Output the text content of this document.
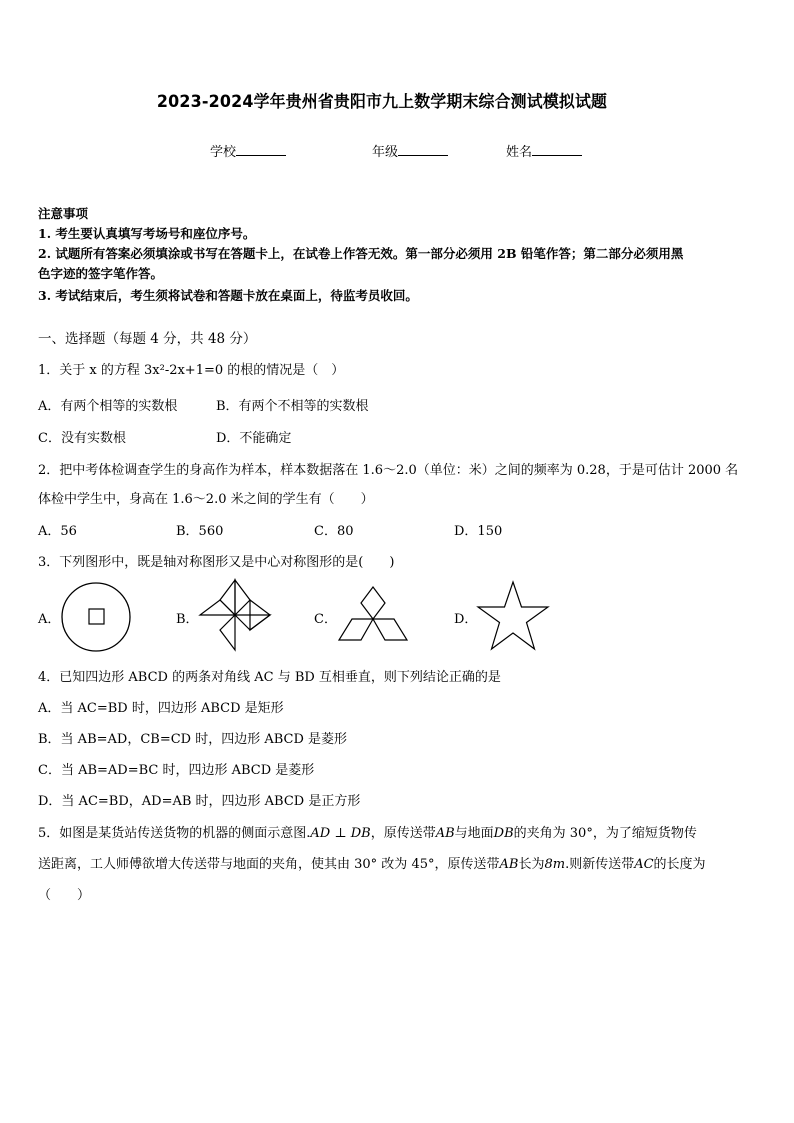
2023-2024学年贵州省贵阳市九上数学期末综合测试模拟试题
学校	年级	姓名
注意事项
1. 考生要认真填写考场号和座位序号。
2. 试题所有答案必须填涂或书写在答题卡上，在试卷上作答无效。第一部分必须用 2B 铅笔作答；第二部分必须用黑
色字迹的签字笔作答。
3. 考试结束后，考生须将试卷和答题卡放在桌面上，待监考员收回。
一、选择题（每题 4 分，共 48 分）
1．关于 x 的方程 3x²-2x+1=0 的根的情况是（　）
A．有两个相等的实数根	B．有两个不相等的实数根
C．没有实数根	D．不能确定
2．把中考体检调查学生的身高作为样本，样本数据落在 1.6～2.0（单位：米）之间的频率为 0.28，于是可估计 2000 名
体检中学生中，身高在 1.6～2.0 米之间的学生有（　　）
A．56	B．560	C．80	D．150
3．下列图形中，既是轴对称图形又是中心对称图形的是(　　)
A．	B．	C．	D．
4．已知四边形 ABCD 的两条对角线 AC 与 BD 互相垂直，则下列结论正确的是
A．当 AC=BD 时，四边形 ABCD 是矩形
B．当 AB=AD，CB=CD 时，四边形 ABCD 是菱形
C．当 AB=AD=BC 时，四边形 ABCD 是菱形
D．当 AC=BD，AD=AB 时，四边形 ABCD 是正方形
5．如图是某货站传送货物的机器的侧面示意图.AD ⊥ DB，原传送带AB与地面DB的夹角为 30°，为了缩短货物传
送距离，工人师傅欲增大传送带与地面的夹角，使其由 30° 改为 45°，原传送带AB长为8m.则新传送带AC的长度为
（　　）
